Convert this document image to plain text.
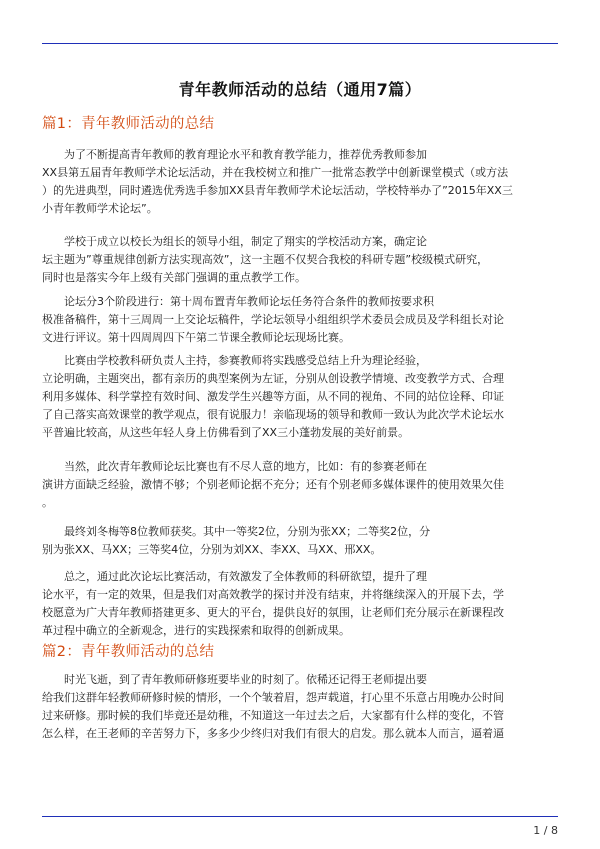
青年教师活动的总结（通用7篇）
篇1：青年教师活动的总结

为了不断提高青年教师的教育理论水平和教育教学能力，推荐优秀教师参加
XX县第五届青年教师学术论坛活动，并在我校树立和推广一批常态教学中创新课堂模式（或方法
）的先进典型，同时遴选优秀选手参加XX县青年教师学术论坛活动，学校特举办了”2015年XX三
小青年教师学术论坛”。

学校于成立以校长为组长的领导小组，制定了翔实的学校活动方案，确定论
坛主题为”尊重规律创新方法实现高效”，这一主题不仅契合我校的科研专题”校级模式研究，
同时也是落实今年上级有关部门强调的重点教学工作。

论坛分3个阶段进行：第十周布置青年教师论坛任务符合条件的教师按要求积
极准备稿件，第十三周周一上交论坛稿件，学论坛领导小组组织学术委员会成员及学科组长对论
文进行评议。第十四周周四下午第二节课全教师论坛现场比赛。

比赛由学校教科研负责人主持，参赛教师将实践感受总结上升为理论经验，
立论明确，主题突出，都有亲历的典型案例为左证，分别从创设教学情境、改变教学方式、合理
利用多媒体、科学掌控有效时间、激发学生兴趣等方面，从不同的视角、不同的站位诠释、印证
了自己落实高效课堂的教学观点，很有说服力！亲临现场的领导和教师一致认为此次学术论坛水
平普遍比较高，从这些年轻人身上仿佛看到了XX三小蓬勃发展的美好前景。

当然，此次青年教师论坛比赛也有不尽人意的地方，比如：有的参赛老师在
演讲方面缺乏经验，激情不够；个别老师论据不充分；还有个别老师多媒体课件的使用效果欠佳
。

最终刘冬梅等8位教师获奖。其中一等奖2位，分别为张XX；二等奖2位，分
别为张XX、马XX；三等奖4位，分别为刘XX、李XX、马XX、邢XX。

总之，通过此次论坛比赛活动，有效激发了全体教师的科研欲望，提升了理
论水平，有一定的效果，但是我们对高效教学的探讨并没有结束，并将继续深入的开展下去，学
校愿意为广大青年教师搭建更多、更大的平台，提供良好的氛围，让老师们充分展示在新课程改
革过程中确立的全新观念，进行的实践探索和取得的创新成果。

篇2：青年教师活动的总结

时光飞逝，到了青年教师研修班要毕业的时刻了。依稀还记得王老师提出要
给我们这群年轻教师研修时候的情形，一个个皱着眉，怨声载道，打心里不乐意占用晚办公时间
过来研修。那时候的我们毕竟还是幼稚，不知道这一年过去之后，大家都有什么样的变化，不管
怎么样，在王老师的辛苦努力下，多多少少终归对我们有很大的启发。那么就本人而言，逼着逼

1 / 8
